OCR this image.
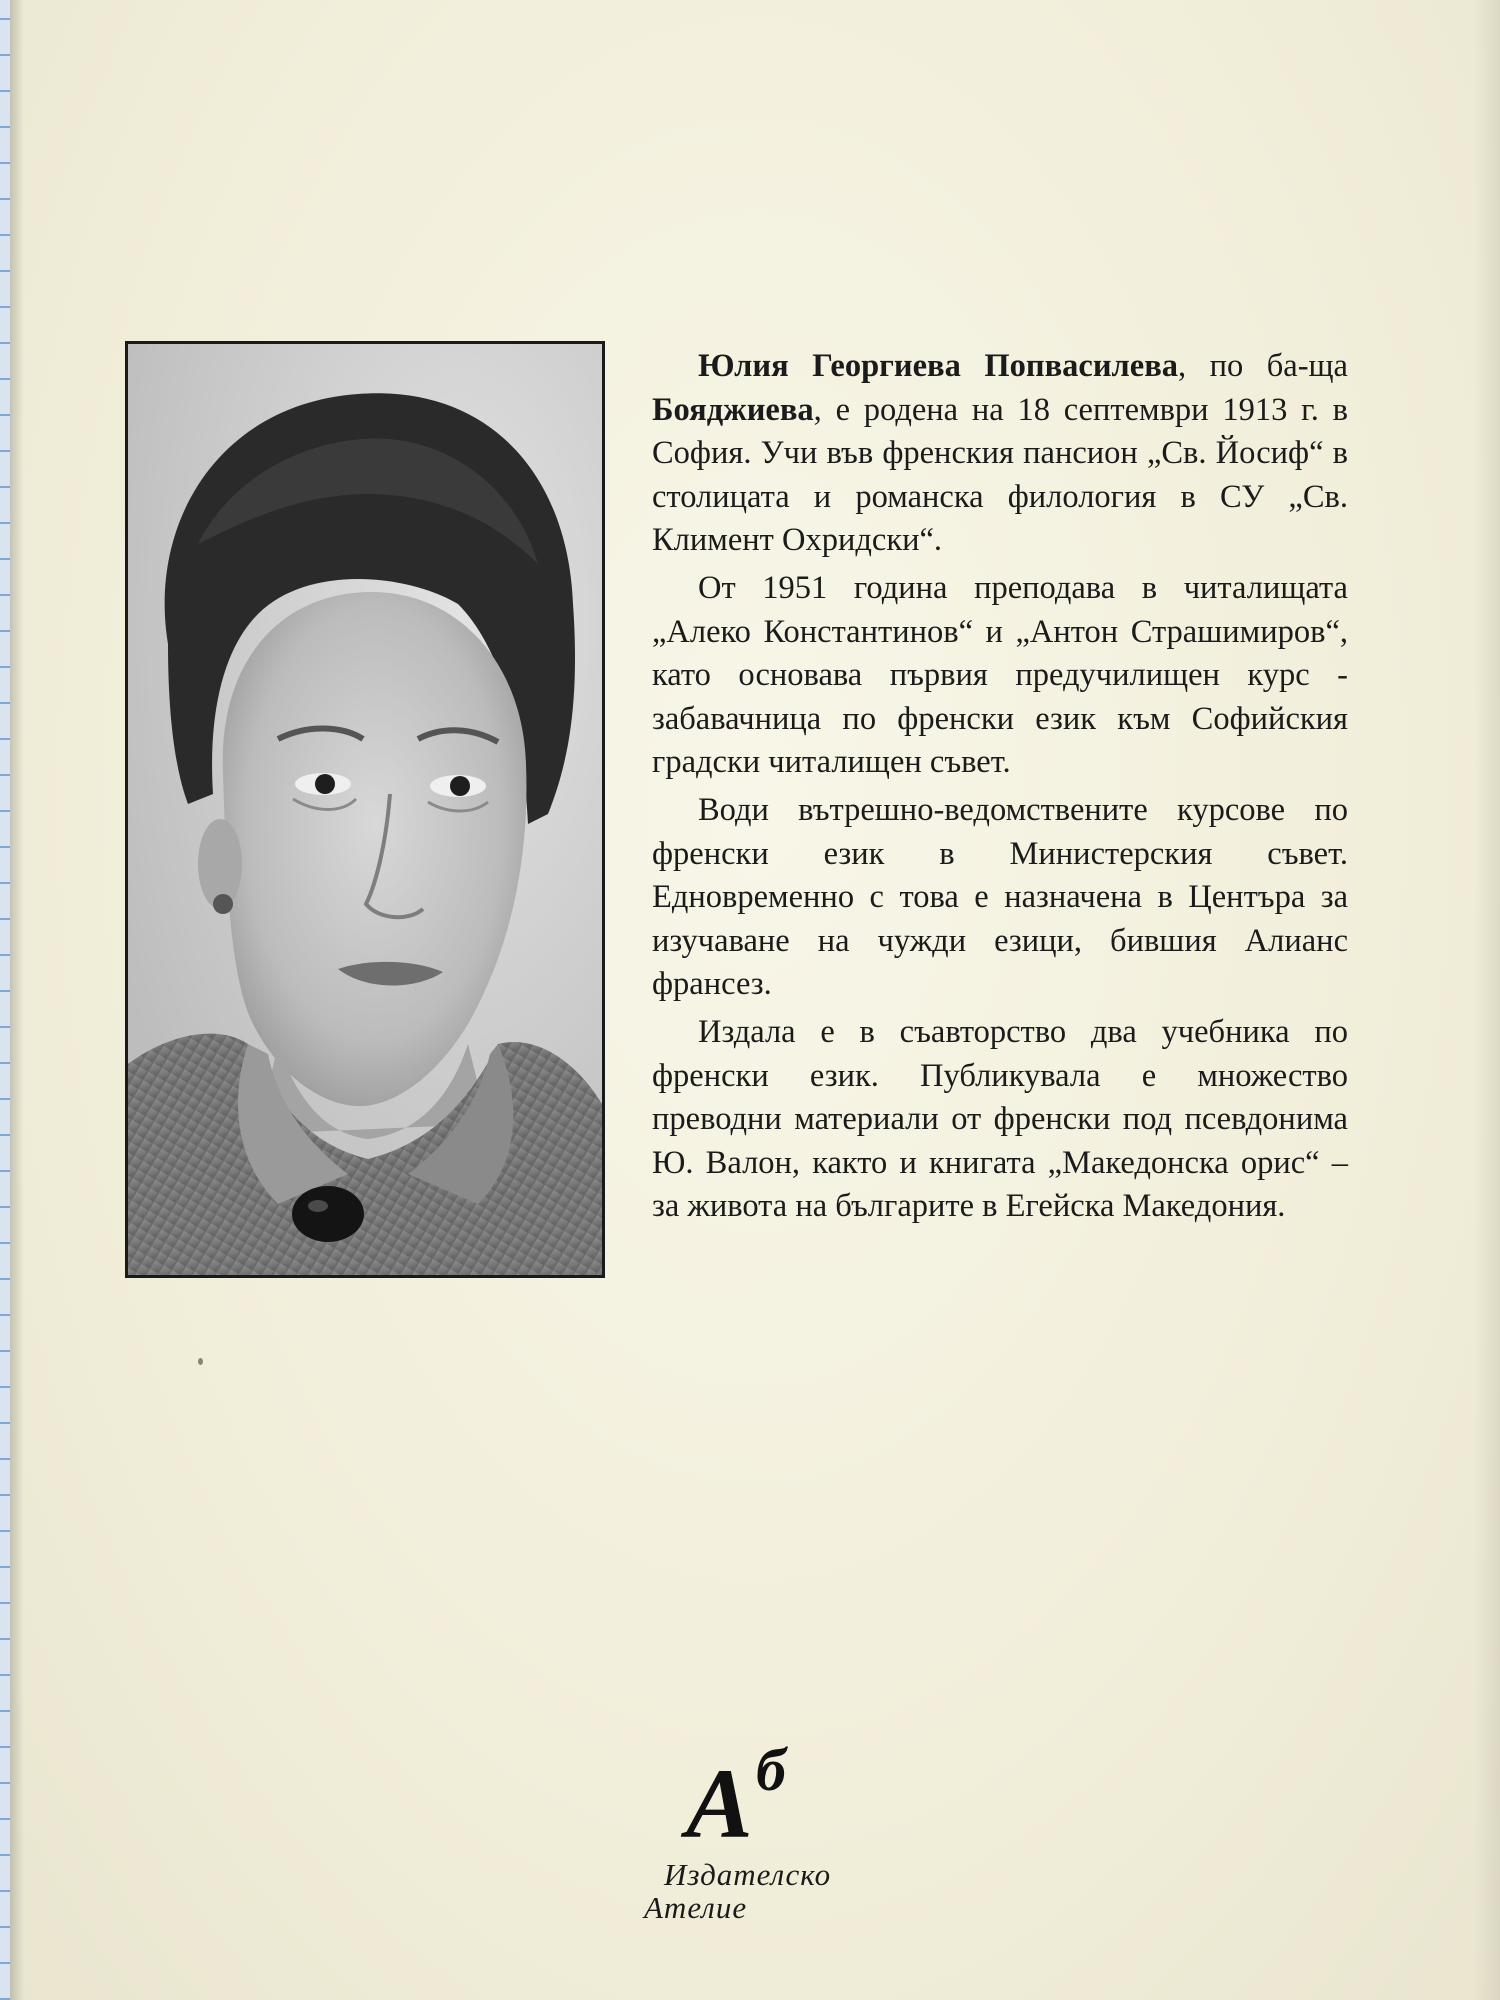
Юлия Георгиева Попвасилева, по ба-ща Бояджиева, е родена на 18 септември 1913 г. в София. Учи във френския пансион „Св. Йосиф“ в столицата и романска филология в СУ „Св. Климент Охридски“.

От 1951 година преподава в читалищата „Алеко Константинов“ и „Антон Страшимиров“, като основава първия предучилищен курс - забавачница по френски език към Софийския градски читалищен съвет.

Води вътрешно-ведомствените курсове по френски език в Министерския съвет. Едновременно с това е назначена в Центъра за изучаване на чужди езици, бившия Алианс франсез.

Издала е в съавторство два учебника по френски език. Публикувала е множество преводни материали от френски под псевдонима Ю. Валон, както и книгата „Македонска орис“ – за живота на българите в Егейска Македония.

А б
Издателско
Ателие
